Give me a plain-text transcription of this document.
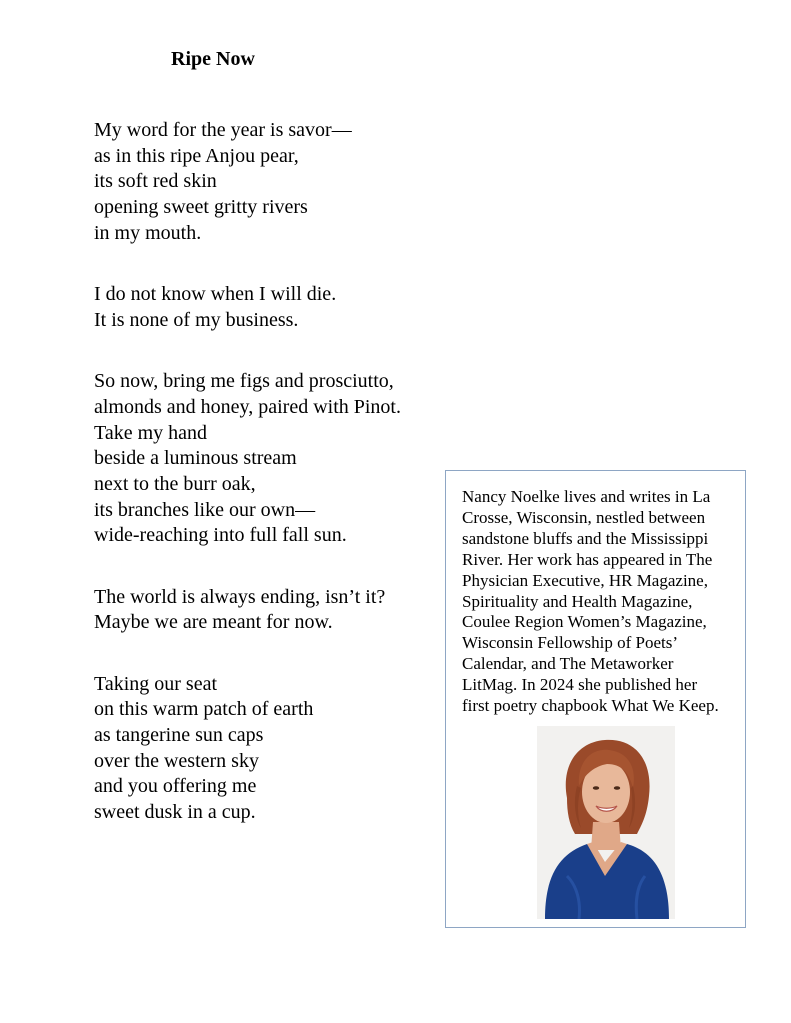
Ripe Now
My word for the year is savor—
as in this ripe Anjou pear,
its soft red skin
opening sweet gritty rivers
in my mouth.
I do not know when I will die.
It is none of my business.
So now, bring me figs and prosciutto,
almonds and honey, paired with Pinot.
Take my hand
beside a luminous stream
next to the burr oak,
its branches like our own—
wide-reaching into full fall sun.
The world is always ending, isn’t it?
Maybe we are meant for now.
Taking our seat
on this warm patch of earth
as tangerine sun caps
over the western sky
and you offering me
sweet dusk in a cup.

Nancy Noelke lives and writes in La
Crosse, Wisconsin, nestled between
sandstone bluffs and the Mississippi
River. Her work has appeared in The
Physician Executive, HR Magazine,
Spirituality and Health Magazine,
Coulee Region Women’s Magazine,
Wisconsin Fellowship of Poets’
Calendar, and The Metaworker
LitMag. In 2024 she published her
first poetry chapbook What We Keep.
